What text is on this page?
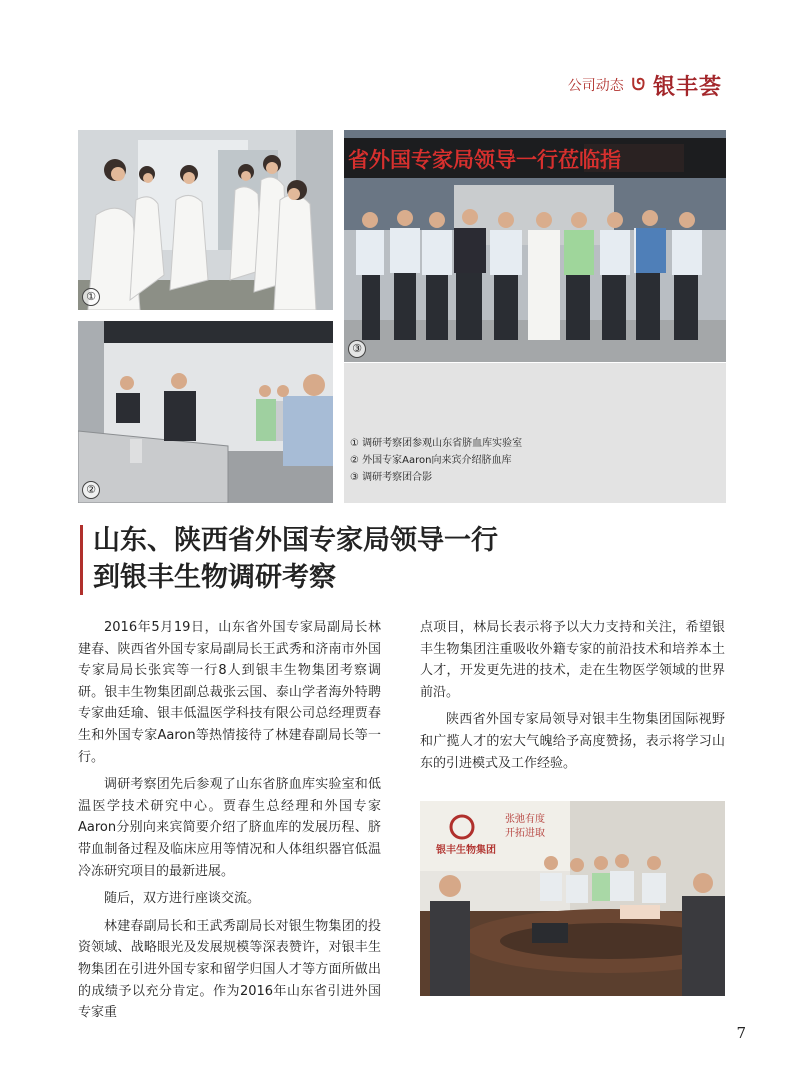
公司动态 ᘎ 银丰荟
①
省外国专家局领导一行莅临指
③
②
① 调研考察团参观山东省脐血库实验室
② 外国专家Aaron向来宾介绍脐血库
③ 调研考察团合影
山东、陕西省外国专家局领导一行
到银丰生物调研考察

2016年5月19日，山东省外国专家局副局长林建春、陕西省外国专家局副局长王武秀和济南市外国专家局局长张宾等一行8人到银丰生物集团考察调研。银丰生物集团副总裁张云国、泰山学者海外特聘专家曲廷瑜、银丰低温医学科技有限公司总经理贾春生和外国专家Aaron等热情接待了林建春副局长等一行。

调研考察团先后参观了山东省脐血库实验室和低温医学技术研究中心。贾春生总经理和外国专家Aaron分别向来宾简要介绍了脐血库的发展历程、脐带血制备过程及临床应用等情况和人体组织器官低温冷冻研究项目的最新进展。

随后，双方进行座谈交流。

林建春副局长和王武秀副局长对银生物集团的投资领域、战略眼光及发展规模等深表赞许，对银丰生物集团在引进外国专家和留学归国人才等方面所做出的成绩予以充分肯定。作为2016年山东省引进外国专家重

点项目，林局长表示将予以大力支持和关注，希望银丰生物集团注重吸收外籍专家的前沿技术和培养本土人才，开发更先进的技术，走在生物医学领域的世界前沿。

陕西省外国专家局领导对银丰生物集团国际视野和广揽人才的宏大气魄给予高度赞扬，表示将学习山东的引进模式及工作经验。

银丰生物集团
张弛有度
开拓进取
7
